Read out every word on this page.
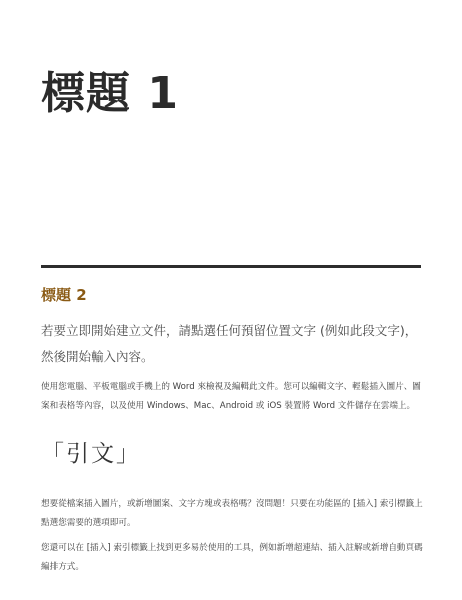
標題 1
標題 2

若要立即開始建立文件，請點選任何預留位置文字 (例如此段文字)，然後開始輸入內容。

使用您電腦、平板電腦或手機上的 Word 來檢視及編輯此文件。您可以編輯文字、輕鬆插入圖片、圖案和表格等內容，以及使用 Windows、Mac、Android 或 iOS 裝置將 Word 文件儲存在雲端上。

「引文」

想要從檔案插入圖片，或新增圖案、文字方塊或表格嗎？沒問題！只要在功能區的 [插入] 索引標籤上點選您需要的選項即可。

您還可以在 [插入] 索引標籤上找到更多易於使用的工具，例如新增超連結、插入註解或新增自動頁碼編排方式。
